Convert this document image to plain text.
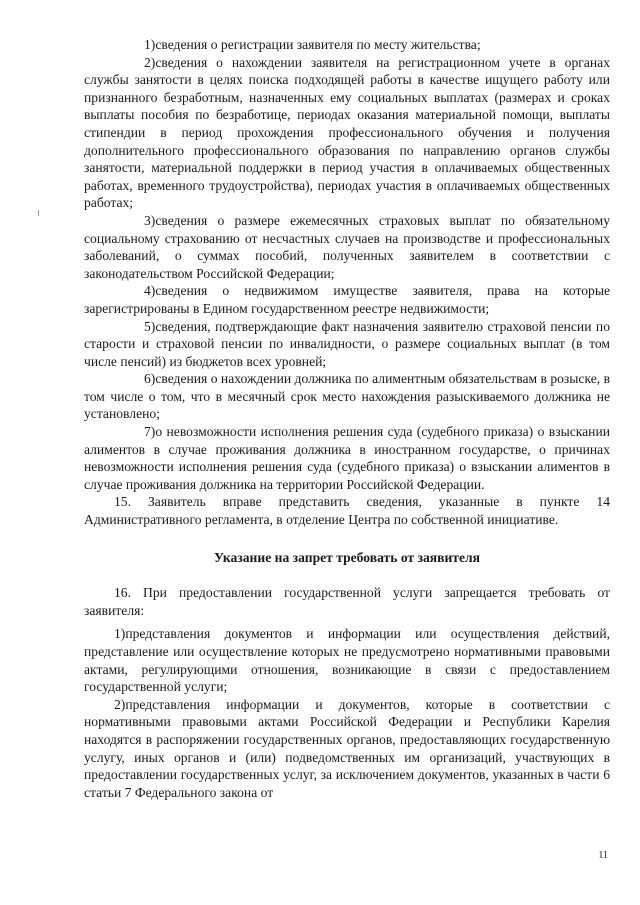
1)сведения о регистрации заявителя по месту жительства;

2)сведения о нахождении заявителя на регистрационном учете в органах службы занятости в целях поиска подходящей работы в качестве ищущего работу или признанного безработным, назначенных ему социальных выплатах (размерах и сроках выплаты пособия по безработице, периодах оказания материальной помощи, выплаты стипендии в период прохождения профессионального обучения и получения дополнительного профессионального образования по направлению органов службы занятости, материальной поддержки в период участия в оплачиваемых общественных работах, временного трудоустройства), периодах участия в оплачиваемых общественных работах;

3)сведения о размере ежемесячных страховых выплат по обязательному социальному страхованию от несчастных случаев на производстве и профессиональных заболеваний, о суммах пособий, полученных заявителем в соответствии с законодательством Российской Федерации;

4)сведения о недвижимом имуществе заявителя, права на которые зарегистрированы в Едином государственном реестре недвижимости;

5)сведения, подтверждающие факт назначения заявителю страховой пенсии по старости и страховой пенсии по инвалидности, о размере социальных выплат (в том числе пенсий) из бюджетов всех уровней;

6)сведения о нахождении должника по алиментным обязательствам в розыске, в том числе о том, что в месячный срок место нахождения разыскиваемого должника не установлено;

7)о невозможности исполнения решения суда (судебного приказа) о взыскании алиментов в случае проживания должника в иностранном государстве, о причинах невозможности исполнения решения суда (судебного приказа) о взыскании алиментов в случае проживания должника на территории Российской Федерации.

15. Заявитель вправе представить сведения, указанные в пункте 14 Административного регламента, в отделение Центра по собственной инициативе.

Указание на запрет требовать от заявителя

16. При предоставлении государственной услуги запрещается требовать от заявителя:

1)представления документов и информации или осуществления действий, представление или осуществление которых не предусмотрено нормативными правовыми актами, регулирующими отношения, возникающие в связи с предоставлением государственной услуги;

2)представления информации и документов, которые в соответствии с нормативными правовыми актами Российской Федерации и Республики Карелия находятся в распоряжении государственных органов, предоставляющих государственную услугу, иных органов и (или) подведомственных им организаций, участвующих в предоставлении государственных услуг, за исключением документов, указанных в части 6 статьи 7 Федерального закона от

11
